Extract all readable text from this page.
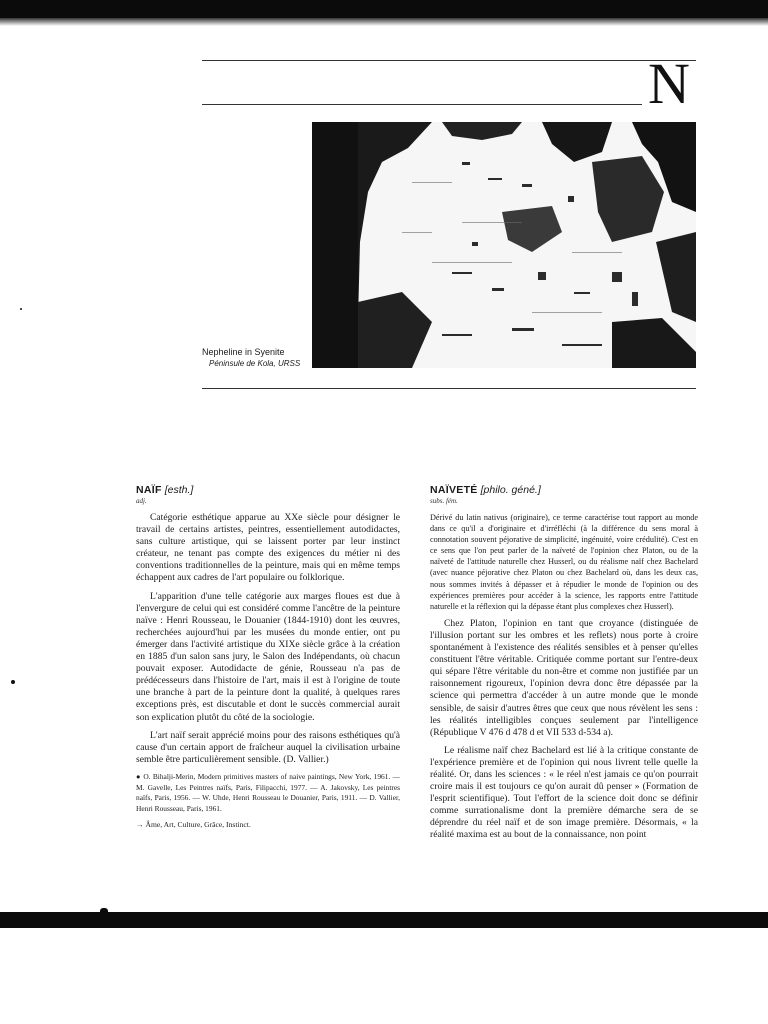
N
Nepheline in Syenite
Péninsule de Kola, URSS
NAÏF [esth.]
adj.

Catégorie esthétique apparue au XXe siècle pour désigner le travail de certains artistes, peintres, essentiellement autodidactes, sans culture artistique, qui se laissent porter par leur instinct créateur, ne tenant pas compte des exigences du métier ni des conventions traditionnelles de la peinture, mais qui en même temps échappent aux cadres de l'art populaire ou folklorique.

L'apparition d'une telle catégorie aux marges floues est due à l'envergure de celui qui est considéré comme l'ancêtre de la peinture naïve : Henri Rousseau, le Douanier (1844-1910) dont les œuvres, recherchées aujourd'hui par les musées du monde entier, ont pu émerger dans l'activité artistique du XIXe siècle grâce à la création en 1885 d'un salon sans jury, le Salon des Indépendants, où chacun pouvait exposer. Autodidacte de génie, Rousseau n'a pas de prédécesseurs dans l'histoire de l'art, mais il est à l'origine de toute une branche à part de la peinture dont la qualité, à quelques rares exceptions près, est discutable et dont le succès commercial aurait son explication plutôt du côté de la sociologie.

L'art naïf serait apprécié moins pour des raisons esthétiques qu'à cause d'un certain apport de fraîcheur auquel la civilisation urbaine semble être particulièrement sensible. (D. Vallier.)

● O. Bihalji-Merin, Modern primitives masters of naive paintings, New York, 1961. — M. Gavelle, Les Peintres naïfs, Paris, Filipacchi, 1977. — A. Jakovsky, Les peintres naïfs, Paris, 1956. — W. Uhde, Henri Rousseau le Douanier, Paris, 1911. — D. Vallier, Henri Rousseau, Paris, 1961.

→ Âme, Art, Culture, Grâce, Instinct.
NAÏVETÉ [philo. géné.]
subs. fém.

Dérivé du latin nativus (originaire), ce terme caractérise tout rapport au monde dans ce qu'il a d'originaire et d'irréfléchi (à la différence du sens moral à connotation souvent péjorative de simplicité, ingénuité, voire crédulité). C'est en ce sens que l'on peut parler de la naïveté de l'opinion chez Platon, ou de la naïveté de l'attitude naturelle chez Husserl, ou du réalisme naïf chez Bachelard (avec nuance péjorative chez Platon ou chez Bachelard où, dans les deux cas, nous sommes invités à dépasser et à répudier le monde de l'opinion ou des expériences premières pour accéder à la science, les rapports entre l'attitude naturelle et la réflexion qui la dépasse étant plus complexes chez Husserl).

Chez Platon, l'opinion en tant que croyance (distinguée de l'illusion portant sur les ombres et les reflets) nous porte à croire spontanément à l'existence des réalités sensibles et à penser qu'elles constituent l'être véritable. Critiquée comme portant sur l'entre-deux qui sépare l'être véritable du non-être et comme non justifiée par un raisonnement rigoureux, l'opinion devra donc être dépassée par la science qui permettra d'accéder à un autre monde que le monde sensible, de saisir d'autres êtres que ceux que nous révèlent les sens : les réalités intelligibles conçues seulement par l'intelligence (République V 476 d 478 d et VII 533 d-534 a).

Le réalisme naïf chez Bachelard est lié à la critique constante de l'expérience première et de l'opinion qui nous livrent telle quelle la réalité. Or, dans les sciences : « le réel n'est jamais ce qu'on pourrait croire mais il est toujours ce qu'on aurait dû penser » (Formation de l'esprit scientifique). Tout l'effort de la science doit donc se définir comme surrationalisme dont la première démarche sera de se déprendre du réel naïf et de son image première. Désormais, « la réalité maxima est au bout de la connaissance, non point
